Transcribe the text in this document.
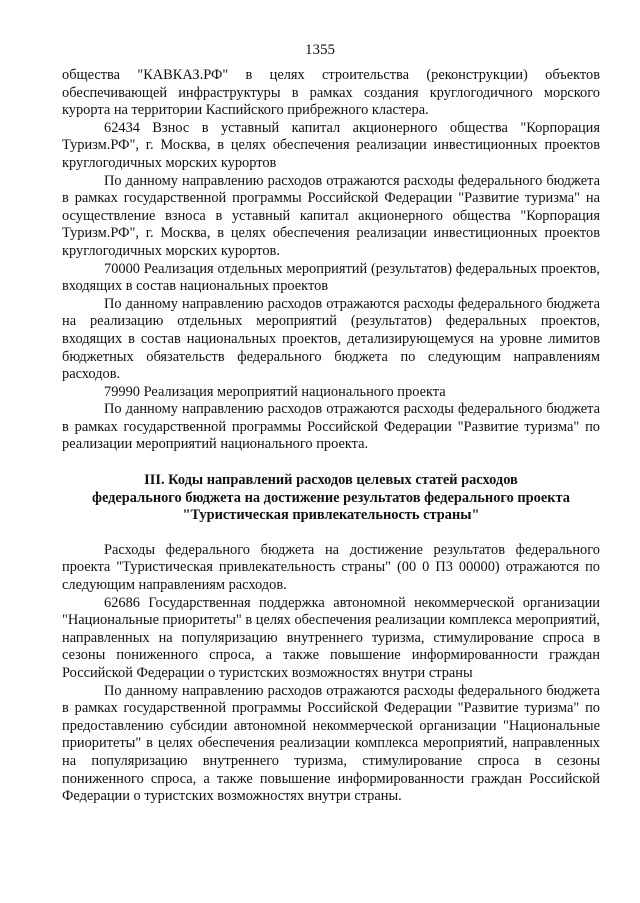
1355

общества "КАВКАЗ.РФ" в целях строительства (реконструкции) объектов обеспечивающей инфраструктуры в рамках создания круглогодичного морского курорта на территории Каспийского прибрежного кластера.

62434 Взнос в уставный капитал акционерного общества "Корпорация Туризм.РФ", г. Москва, в целях обеспечения реализации инвестиционных проектов круглогодичных морских курортов

По данному направлению расходов отражаются расходы федерального бюджета в рамках государственной программы Российской Федерации "Развитие туризма" на осуществление взноса в уставный капитал акционерного общества "Корпорация Туризм.РФ", г. Москва, в целях обеспечения реализации инвестиционных проектов круглогодичных морских курортов.

70000 Реализация отдельных мероприятий (результатов) федеральных проектов, входящих в состав национальных проектов

По данному направлению расходов отражаются расходы федерального бюджета на реализацию отдельных мероприятий (результатов) федеральных проектов, входящих в состав национальных проектов, детализирующемуся на уровне лимитов бюджетных обязательств федерального бюджета по следующим направлениям расходов.

79990 Реализация мероприятий национального проекта

По данному направлению расходов отражаются расходы федерального бюджета в рамках государственной программы Российской Федерации "Развитие туризма" по реализации мероприятий национального проекта.

III. Коды направлений расходов целевых статей расходов
федерального бюджета на достижение результатов федерального проекта
"Туристическая привлекательность страны"

Расходы федерального бюджета на достижение результатов федерального проекта "Туристическая привлекательность страны" (00 0 П3 00000) отражаются по следующим направлениям расходов.

62686 Государственная поддержка автономной некоммерческой организации "Национальные приоритеты" в целях обеспечения реализации комплекса мероприятий, направленных на популяризацию внутреннего туризма, стимулирование спроса в сезоны пониженного спроса, а также повышение информированности граждан Российской Федерации о туристских возможностях внутри страны

По данному направлению расходов отражаются расходы федерального бюджета в рамках государственной программы Российской Федерации "Развитие туризма" по предоставлению субсидии автономной некоммерческой организации "Национальные приоритеты" в целях обеспечения реализации комплекса мероприятий, направленных на популяризацию внутреннего туризма, стимулирование спроса в сезоны пониженного спроса, а также повышение информированности граждан Российской Федерации о туристских возможностях внутри страны.
